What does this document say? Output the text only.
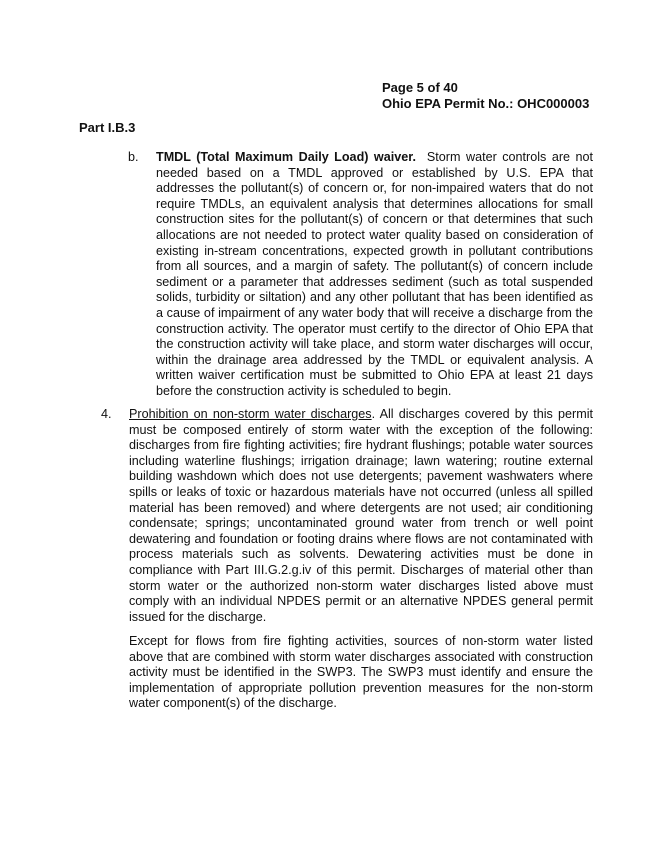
Page 5 of 40
Ohio EPA Permit No.: OHC000003
Part I.B.3
b. TMDL (Total Maximum Daily Load) waiver. Storm water controls are not needed based on a TMDL approved or established by U.S. EPA that addresses the pollutant(s) of concern or, for non-impaired waters that do not require TMDLs, an equivalent analysis that determines allocations for small construction sites for the pollutant(s) of concern or that determines that such allocations are not needed to protect water quality based on consideration of existing in-stream concentrations, expected growth in pollutant contributions from all sources, and a margin of safety. The pollutant(s) of concern include sediment or a parameter that addresses sediment (such as total suspended solids, turbidity or siltation) and any other pollutant that has been identified as a cause of impairment of any water body that will receive a discharge from the construction activity. The operator must certify to the director of Ohio EPA that the construction activity will take place, and storm water discharges will occur, within the drainage area addressed by the TMDL or equivalent analysis. A written waiver certification must be submitted to Ohio EPA at least 21 days before the construction activity is scheduled to begin.
4. Prohibition on non-storm water discharges. All discharges covered by this permit must be composed entirely of storm water with the exception of the following: discharges from fire fighting activities; fire hydrant flushings; potable water sources including waterline flushings; irrigation drainage; lawn watering; routine external building washdown which does not use detergents; pavement washwaters where spills or leaks of toxic or hazardous materials have not occurred (unless all spilled material has been removed) and where detergents are not used; air conditioning condensate; springs; uncontaminated ground water from trench or well point dewatering and foundation or footing drains where flows are not contaminated with process materials such as solvents. Dewatering activities must be done in compliance with Part III.G.2.g.iv of this permit. Discharges of material other than storm water or the authorized non-storm water discharges listed above must comply with an individual NPDES permit or an alternative NPDES general permit issued for the discharge.
Except for flows from fire fighting activities, sources of non-storm water listed above that are combined with storm water discharges associated with construction activity must be identified in the SWP3. The SWP3 must identify and ensure the implementation of appropriate pollution prevention measures for the non-storm water component(s) of the discharge.
